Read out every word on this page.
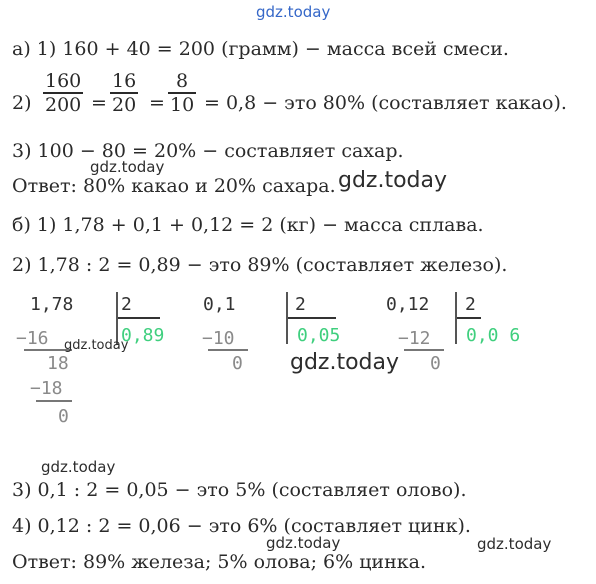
а) 1) 160 + 40 = 200 (грамм) − масса всей смеси.
2)
160
200 =
16
20 =
8
10 = 0,8 − это 80% (составляет какао).
3) 100 − 80 = 20% − составляет сахар.
Ответ: 80% какао и 20% сахара.
б) 1) 1,78 + 0,1 + 0,12 = 2 (кг) − масса сплава.
2) 1,78 : 2 = 0,89 − это 89% (составляет железо).
1,78	2
0,89
−16
18
−18
0
0,1	2
0,05
−10
0
0,12 2
0,0 6
−12
0
3) 0,1 : 2 = 0,05 − это 5% (составляет олово).
4) 0,12 : 2 = 0,06 − это 6% (составляет цинк).
Ответ: 89% железа; 5% олова; 6% цинка.
gdz.today
gdz.today
gdz.today
gdz.today
gdz.today
gdz.today
gdz.today	gdz.today
